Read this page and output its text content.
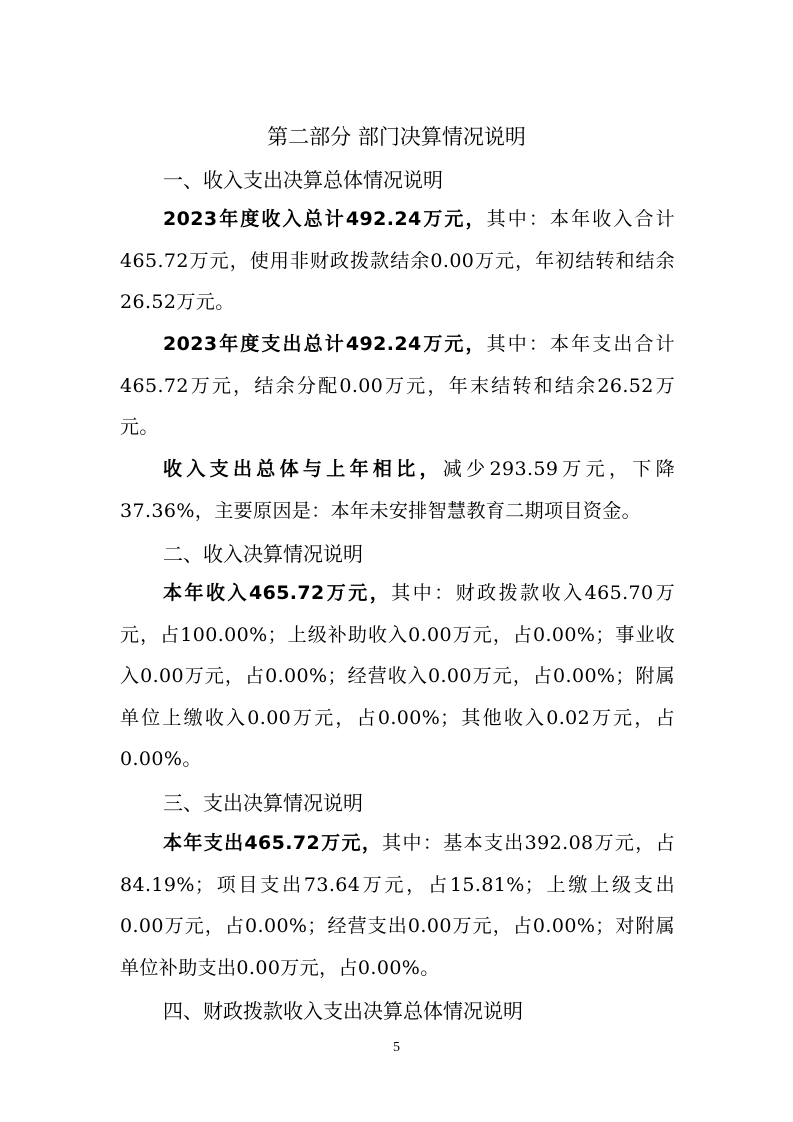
第二部分 部门决算情况说明
一、收入支出决算总体情况说明
2023年度收入总计492.24万元，其中：本年收入合计465.72万元，使用非财政拨款结余0.00万元，年初结转和结余26.52万元。
2023年度支出总计492.24万元，其中：本年支出合计465.72万元，结余分配0.00万元，年末结转和结余26.52万元。
收入支出总体与上年相比，减少293.59万元，下降37.36%，主要原因是：本年未安排智慧教育二期项目资金。
二、收入决算情况说明
本年收入465.72万元，其中：财政拨款收入465.70万元，占100.00%；上级补助收入0.00万元，占0.00%；事业收入0.00万元，占0.00%；经营收入0.00万元，占0.00%；附属单位上缴收入0.00万元，占0.00%；其他收入0.02万元，占0.00%。
三、支出决算情况说明
本年支出465.72万元，其中：基本支出392.08万元，占84.19%；项目支出73.64万元，占15.81%；上缴上级支出0.00万元，占0.00%；经营支出0.00万元，占0.00%；对附属单位补助支出0.00万元，占0.00%。
四、财政拨款收入支出决算总体情况说明
5
